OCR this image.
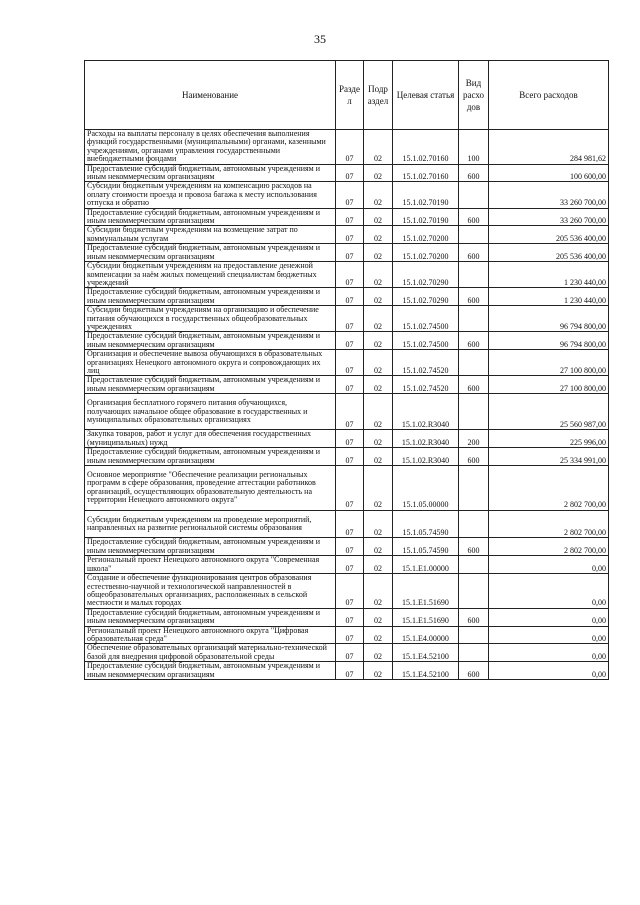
35
Наименование	Разде л	Подр аздел	Целевая статья	Вид расхо дов	Всего расходов
Расходы на выплаты персоналу в целях обеспечения выполнения функций государственными (муниципальными) органами, казенными учреждениями, органами управления государственными внебюджетными фондами	07	02	15.1.02.70160	100	284 981,62
Предоставление субсидий бюджетным, автономным учреждениям и иным некоммерческим организациям	07	02	15.1.02.70160	600	100 600,00
Субсидии бюджетным учреждениям на компенсацию расходов на оплату стоимости проезда и провоза багажа к месту использования отпуска и обратно	07	02	15.1.02.70190		33 260 700,00
Предоставление субсидий бюджетным, автономным учреждениям и иным некоммерческим организациям	07	02	15.1.02.70190	600	33 260 700,00
Субсидии бюджетным учреждениям на возмещение затрат по коммунальным услугам	07	02	15.1.02.70200		205 536 400,00
Предоставление субсидий бюджетным, автономным учреждениям и иным некоммерческим организациям	07	02	15.1.02.70200	600	205 536 400,00
Субсидии бюджетным учреждениям на предоставление денежной компенсации за наём жилых помещений специалистам бюджетных учреждений	07	02	15.1.02.70290		1 230 440,00
Предоставление субсидий бюджетным, автономным учреждениям и иным некоммерческим организациям	07	02	15.1.02.70290	600	1 230 440,00
Субсидии бюджетным учреждениям на организацию и обеспечение питания обучающихся в государственных общеобразовательных учреждениях	07	02	15.1.02.74500		96 794 800,00
Предоставление субсидий бюджетным, автономным учреждениям и иным некоммерческим организациям	07	02	15.1.02.74500	600	96 794 800,00
Организация и обеспечение вывоза обучающихся в образовательных организациях Ненецкого автономного округа и сопровождающих их лиц	07	02	15.1.02.74520		27 100 800,00
Предоставление субсидий бюджетным, автономным учреждениям и иным некоммерческим организациям	07	02	15.1.02.74520	600	27 100 800,00

Организация бесплатного горячего питания обучающихся, получающих начальное общее образование в государственных и муниципальных образовательных организациях	07	02	15.1.02.R3040		25 560 987,00
Закупка товаров, работ и услуг для обеспечения государственных (муниципальных) нужд	07	02	15.1.02.R3040	200	225 996,00
Предоставление субсидий бюджетным, автономным учреждениям и иным некоммерческим организациям	07	02	15.1.02.R3040	600	25 334 991,00

Основное мероприятие "Обеспечение реализации региональных программ в сфере образования, проведение аттестации работников организаций, осуществляющих образовательную деятельность на территории Ненецкого автономного округа"	07	02	15.1.05.00000		2 802 700,00

Субсидии бюджетным учреждениям на проведение мероприятий, направленных на развитие региональной системы образования	07	02	15.1.05.74590		2 802 700,00
Предоставление субсидий бюджетным, автономным учреждениям и иным некоммерческим организациям	07	02	15.1.05.74590	600	2 802 700,00
Региональный проект Ненецкого автономного округа "Современная школа"	07	02	15.1.E1.00000		0,00
Создание и обеспечение функционирования центров образования естественно-научной и технологической направленностей в общеобразовательных организациях, расположенных в сельской местности и малых городах	07	02	15.1.E1.51690		0,00
Предоставление субсидий бюджетным, автономным учреждениям и иным некоммерческим организациям	07	02	15.1.E1.51690	600	0,00
Региональный проект Ненецкого автономного округа "Цифровая образовательная среда"	07	02	15.1.E4.00000		0,00
Обеспечение образовательных организаций материально-технической базой для внедрения цифровой образовательной среды	07	02	15.1.E4.52100		0,00
Предоставление субсидий бюджетным, автономным учреждениям и иным некоммерческим организациям	07	02	15.1.E4.52100	600	0,00
